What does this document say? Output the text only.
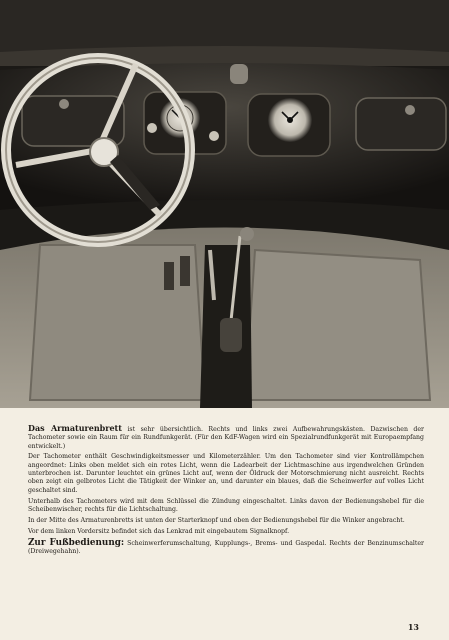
Das Armaturenbrett ist sehr übersichtlich. Rechts und links zwei Aufbewahrungskästen. Dazwischen der Tachometer sowie ein Raum für ein Rundfunkgerät. (Für den KdF-Wagen wird ein Spezialrundfunkgerät mit Europaempfang entwickelt.)

Der Tachometer enthält Geschwindigkeitsmesser und Kilometerzähler. Um den Tachometer sind vier Kontrollämpchen angeordnet: Links oben meldet sich ein rotes Licht, wenn die Ladearbeit der Lichtmaschine aus irgendwelchen Gründen unterbrochen ist. Darunter leuchtet ein grünes Licht auf, wenn der Öldruck der Motorschmierung nicht ausreicht. Rechts oben zeigt ein gelbrotes Licht die Tätigkeit der Winker an, und darunter ein blaues, daß die Scheinwerfer auf volles Licht geschaltet sind.

Unterhalb des Tachometers wird mit dem Schlüssel die Zündung eingeschaltet. Links davon der Bedienungshebel für die Scheibenwischer, rechts für die Lichtschaltung.

In der Mitte des Armaturenbretts ist unten der Starterknopf und oben der Bedienungshebel für die Winker angebracht.

Vor dem linken Vordersitz befindet sich das Lenkrad mit eingebautem Signalknopf.

Zur Fußbedienung: Scheinwerferumschaltung, Kupplungs-, Brems- und Gaspedal. Rechts der Benzinumschalter (Dreiwegehahn).

13
